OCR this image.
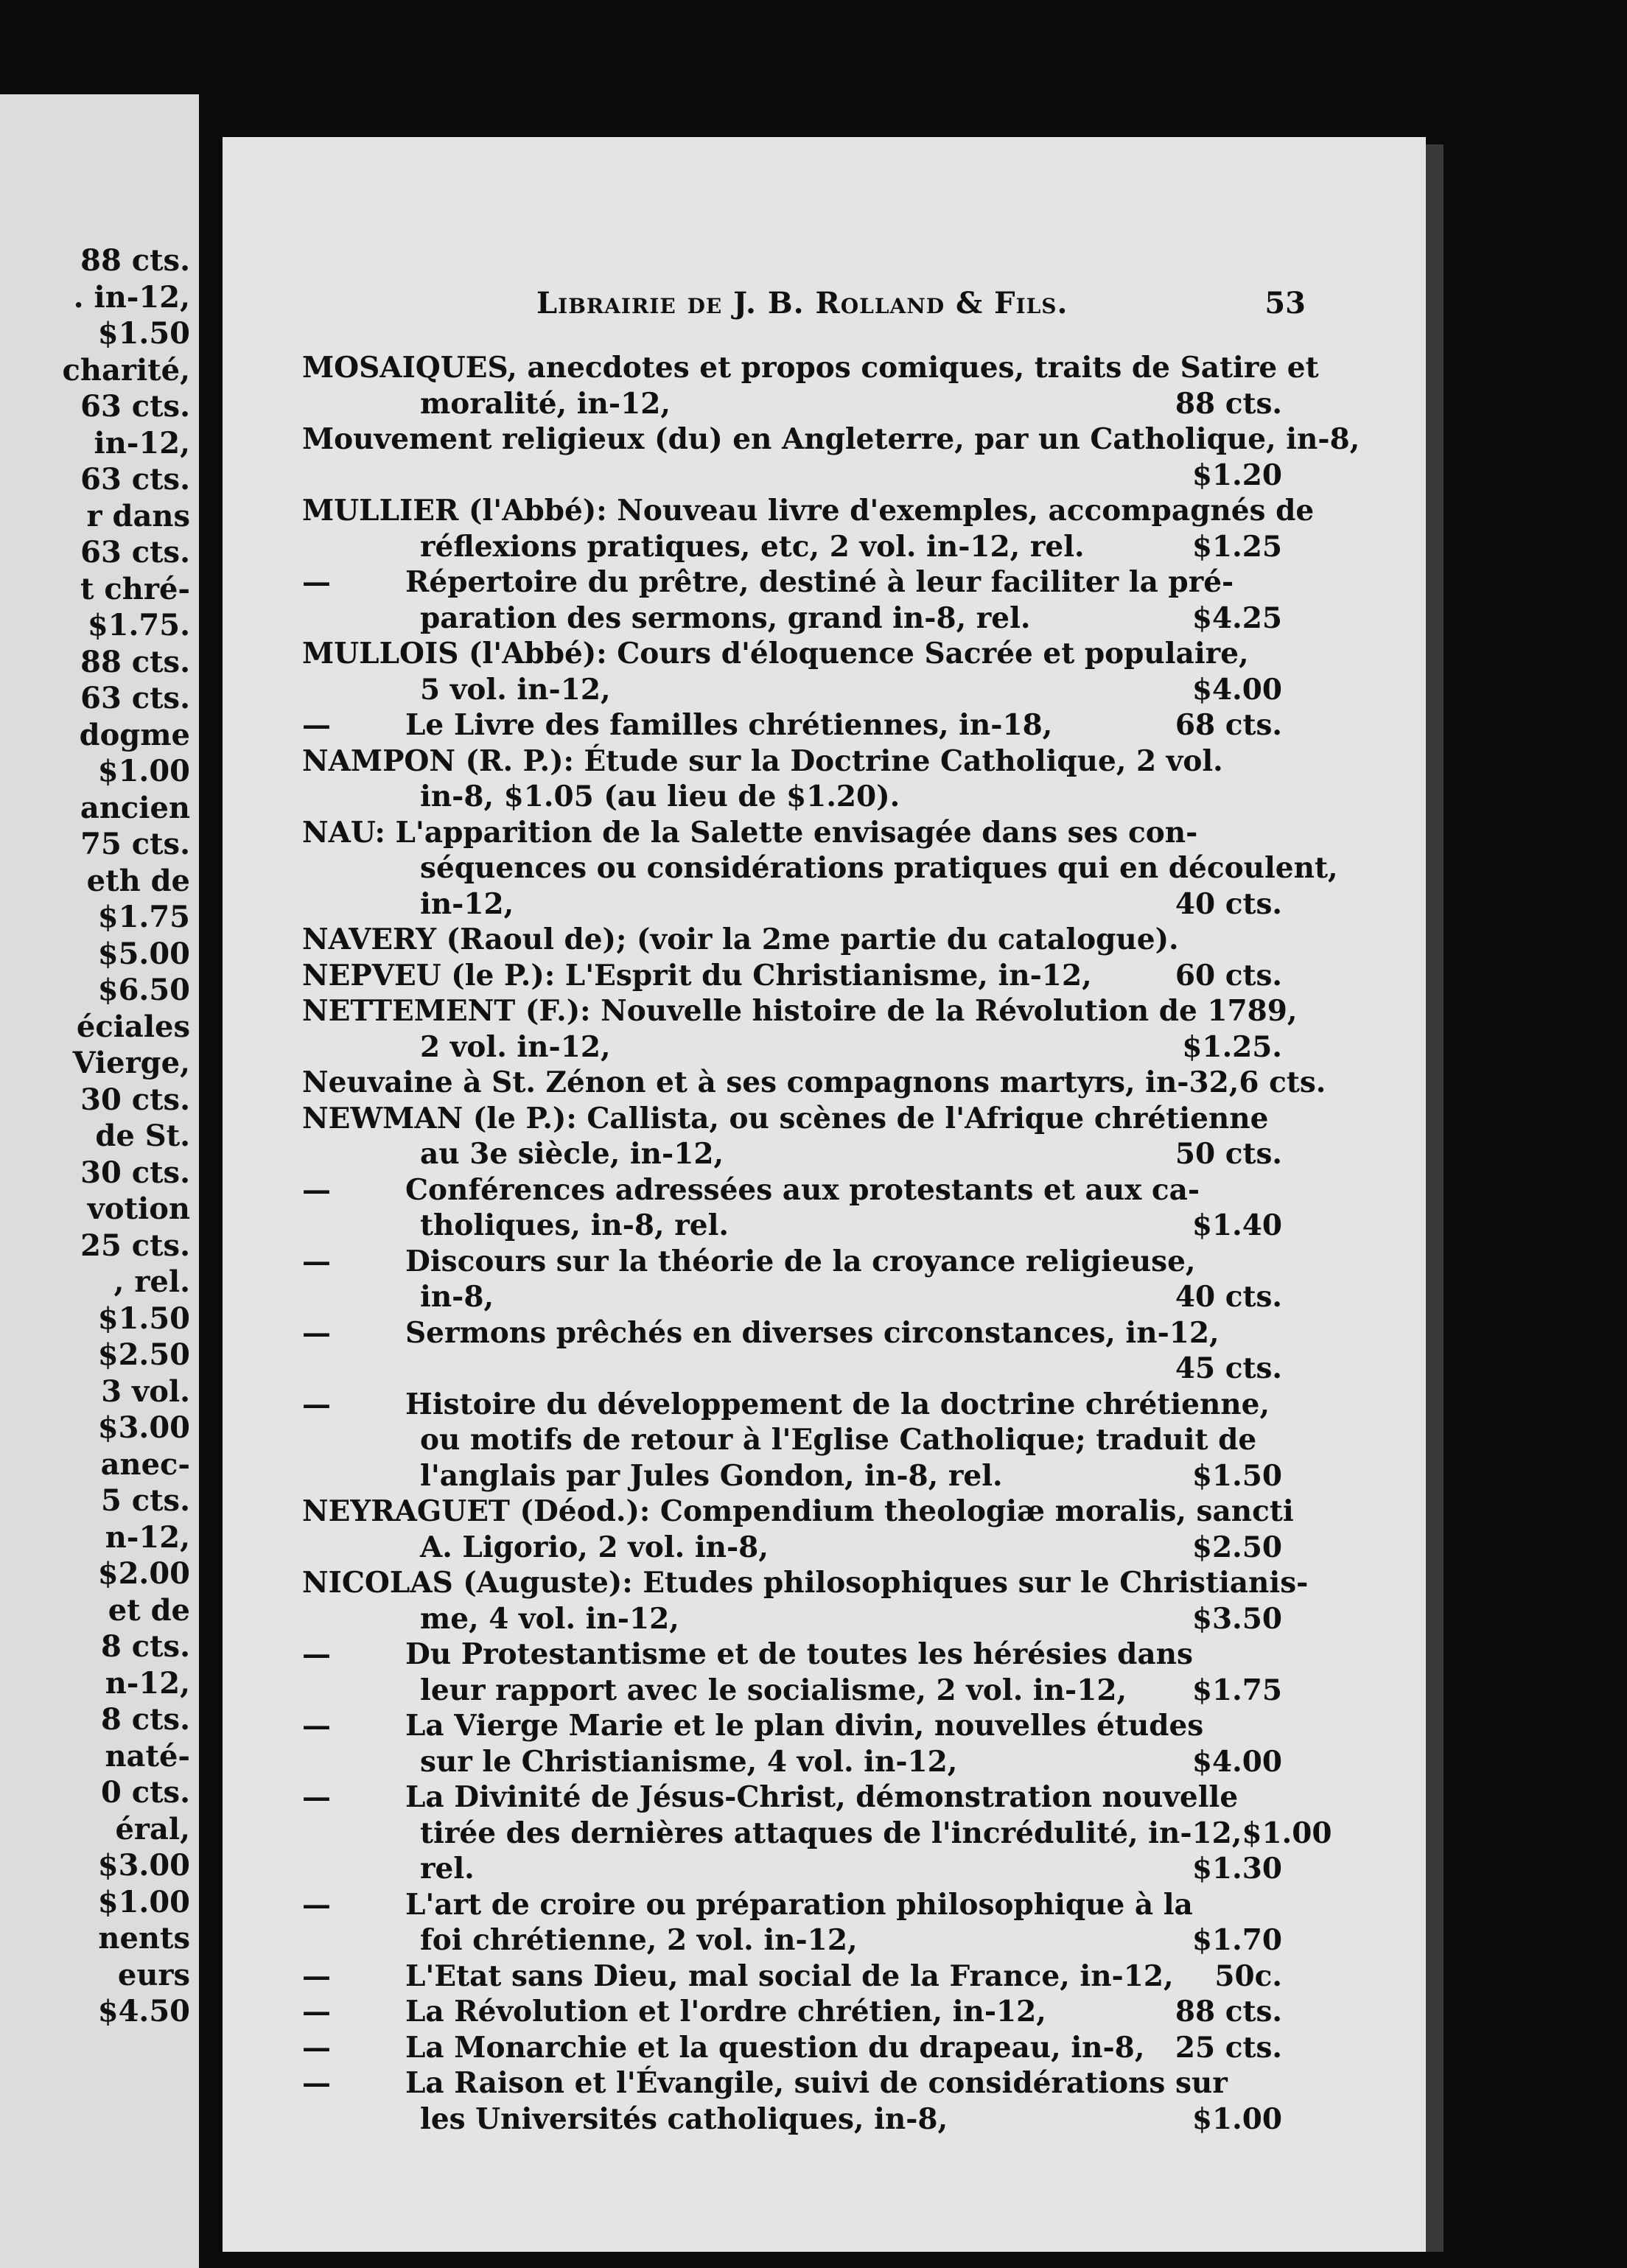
88 cts.
. in-12,
$1.50
charité,
63 cts.
in-12,
63 cts.
r dans
63 cts.
t chré-
$1.75.
88 cts.
63 cts.
dogme
$1.00
ancien
75 cts.
eth de
$1.75
$5.00
$6.50
éciales
Vierge,
30 cts.
de St.
30 cts.
votion
25 cts.
, rel.
$1.50
$2.50
3 vol.
$3.00
anec-
5 cts.
n-12,
$2.00
et de
8 cts.
n-12,
8 cts.
naté-
0 cts.
éral,
$3.00
$1.00
nents
eurs
$4.50
Librairie de J. B. Rolland & Fils.	53
MOSAIQUES, anecdotes et propos comiques, traits de Satire et
moralité, in-12,	88 cts.
Mouvement religieux (du) en Angleterre, par un Catholique, in-8,
$1.20
MULLIER (l'Abbé): Nouveau livre d'exemples, accompagnés de
réflexions pratiques, etc, 2 vol. in-12, rel.	$1.25
—	Répertoire du prêtre, destiné à leur faciliter la pré-
paration des sermons, grand in-8, rel.	$4.25
MULLOIS (l'Abbé): Cours d'éloquence Sacrée et populaire,
5 vol. in-12,	$4.00
—	Le Livre des familles chrétiennes, in-18,	68 cts.
NAMPON (R. P.): Étude sur la Doctrine Catholique, 2 vol.
in-8, $1.05 (au lieu de $1.20).
NAU: L'apparition de la Salette envisagée dans ses con-
séquences ou considérations pratiques qui en découlent,
in-12,	40 cts.
NAVERY (Raoul de); (voir la 2me partie du catalogue).
NEPVEU (le P.): L'Esprit du Christianisme, in-12,	60 cts.
NETTEMENT (F.): Nouvelle histoire de la Révolution de 1789,
2 vol. in-12,	$1.25.
Neuvaine à St. Zénon et à ses compagnons martyrs, in-32, 6 cts.
NEWMAN (le P.): Callista, ou scènes de l'Afrique chrétienne
au 3e siècle, in-12,	50 cts.
—	Conférences adressées aux protestants et aux ca-
tholiques, in-8, rel.	$1.40
—	Discours sur la théorie de la croyance religieuse,
in-8,	40 cts.
—	Sermons prêchés en diverses circonstances, in-12,
45 cts.
—	Histoire du développement de la doctrine chrétienne,
ou motifs de retour à l'Eglise Catholique; traduit de
l'anglais par Jules Gondon, in-8, rel.	$1.50
NEYRAGUET (Déod.): Compendium theologiæ moralis, sancti
A. Ligorio, 2 vol. in-8,	$2.50
NICOLAS (Auguste): Etudes philosophiques sur le Christianis-
me, 4 vol. in-12,	$3.50
—	Du Protestantisme et de toutes les hérésies dans
leur rapport avec le socialisme, 2 vol. in-12, $1.75
—	La Vierge Marie et le plan divin, nouvelles études
sur le Christianisme, 4 vol. in-12,	$4.00
—	La Divinité de Jésus-Christ, démonstration nouvelle
tirée des dernières attaques de l'incrédulité, in-12, $1.00
rel.	$1.30
—	L'art de croire ou préparation philosophique à la
foi chrétienne, 2 vol. in-12,	$1.70
—	L'Etat sans Dieu, mal social de la France, in-12, 50c.
—	La Révolution et l'ordre chrétien, in-12,	88 cts.
—	La Monarchie et la question du drapeau, in-8, 25 cts.
—	La Raison et l'Évangile, suivi de considérations sur
les Universités catholiques, in-8,	$1.00
